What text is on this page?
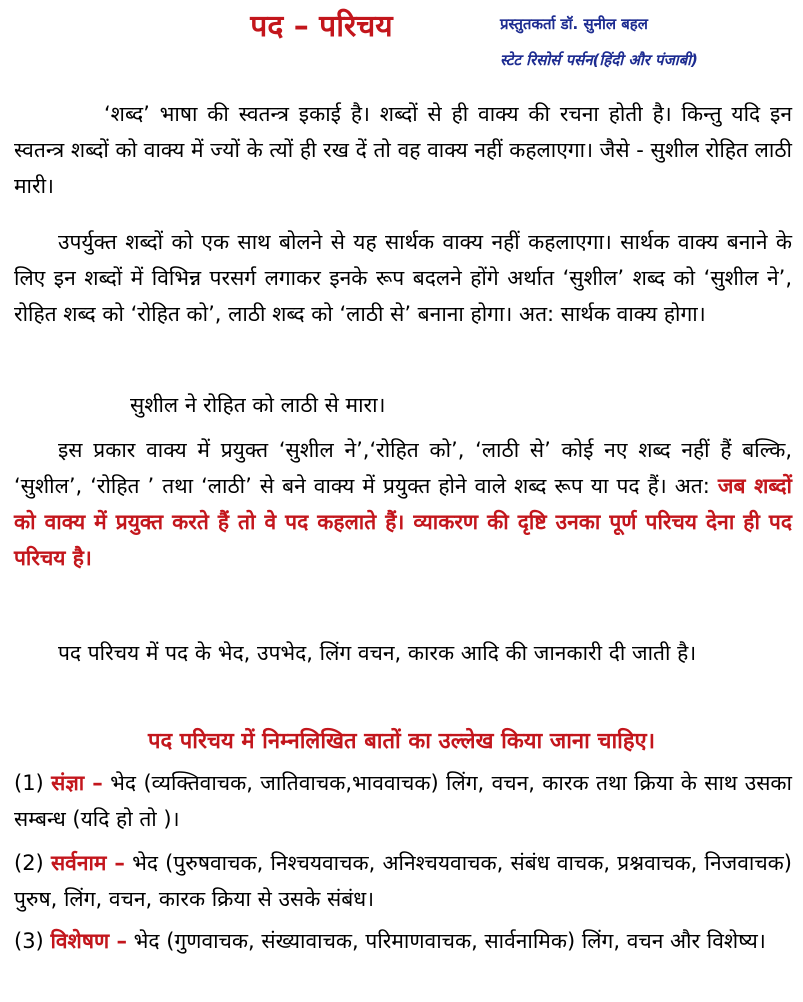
पद – परिचय	प्रस्तुतकर्ता डॉ. सुनील बहल
स्टेट रिसोर्स पर्सन(हिंदी और पंजाबी)
‘शब्द’ भाषा की स्वतन्त्र इकाई है। शब्दों से ही वाक्य की रचना होती है। किन्तु यदि इन स्वतन्त्र शब्दों को वाक्य में ज्यों के त्यों ही रख दें तो वह वाक्य नहीं कहलाएगा। जैसे - सुशील रोहित लाठी मारी।
उपर्युक्त शब्दों को एक साथ बोलने से यह सार्थक वाक्य नहीं कहलाएगा। सार्थक वाक्य बनाने के लिए इन शब्दों में विभिन्न परसर्ग लगाकर इनके रूप बदलने होंगे अर्थात ‘सुशील’ शब्द को ‘सुशील ने’, रोहित शब्द को ‘रोहित को’, लाठी शब्द को ‘लाठी से’ बनाना होगा। अत: सार्थक वाक्य होगा।
सुशील ने रोहित को लाठी से मारा।
इस प्रकार वाक्य में प्रयुक्त ‘सुशील ने’,‘रोहित को’, ‘लाठी से’ कोई नए शब्द नहीं हैं बल्कि, ‘सुशील’, ‘रोहित ’ तथा ‘लाठी’ से बने वाक्य में प्रयुक्त होने वाले शब्द रूप या पद हैं। अत: जब शब्दों को वाक्य में प्रयुक्त करते हैं तो वे पद कहलाते हैं। व्याकरण की दृष्टि उनका पूर्ण परिचय देना ही पद परिचय है।
पद परिचय में पद के भेद, उपभेद, लिंग वचन, कारक आदि की जानकारी दी जाती है।
पद परिचय में निम्नलिखित बातों का उल्लेख किया जाना चाहिए।
(1) संज्ञा – भेद (व्यक्तिवाचक, जातिवाचक,भाववाचक) लिंग, वचन, कारक तथा क्रिया के साथ उसका सम्बन्ध (यदि हो तो )।
(2) सर्वनाम – भेद (पुरुषवाचक, निश्चयवाचक, अनिश्चयवाचक, संबंध वाचक, प्रश्नवाचक, निजवाचक) पुरुष, लिंग, वचन, कारक क्रिया से उसके संबंध।
(3) विशेषण – भेद (गुणवाचक, संख्यावाचक, परिमाणवाचक, सार्वनामिक) लिंग, वचन और विशेष्य।
